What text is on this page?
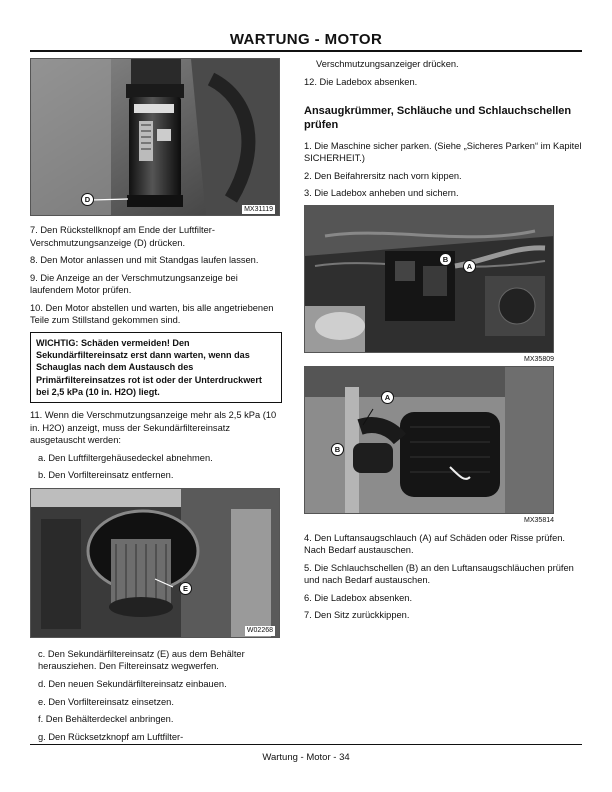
WARTUNG - MOTOR
D
MX31119

7. Den Rückstellknopf am Ende der Luftfilter-Verschmutzungsanzeige (D) drücken.

8. Den Motor anlassen und mit Standgas laufen lassen.

9. Die Anzeige an der Verschmutzungsanzeige bei laufendem Motor prüfen.

10. Den Motor abstellen und warten, bis alle angetriebenen Teile zum Stillstand gekommen sind.

WICHTIG: Schäden vermeiden! Den Sekundärfiltereinsatz erst dann warten, wenn das Schauglas nach dem Austausch des Primärfiltereinsatzes rot ist oder der Unterdruckwert bei 2,5 kPa (10 in. H2O) liegt.

11. Wenn die Verschmutzungsanzeige mehr als 2,5 kPa (10 in. H2O) anzeigt, muss der Sekundärfiltereinsatz ausgetauscht werden:

a. Den Luftfiltergehäusedeckel abnehmen.

b. Den Vorfiltereinsatz entfernen.

E
W02268

c. Den Sekundärfiltereinsatz (E) aus dem Behälter herausziehen. Den Filtereinsatz wegwerfen.

d. Den neuen Sekundärfiltereinsatz einbauen.

e. Den Vorfiltereinsatz einsetzen.

f. Den Behälterdeckel anbringen.

g. Den Rücksetzknopf am Luftfilter-

Verschmutzungsanzeiger drücken.

12. Die Ladebox absenken.

Ansaugkrümmer, Schläuche und Schlauchschellen prüfen

1. Die Maschine sicher parken. (Siehe „Sicheres Parken“ im Kapitel SICHERHEIT.)

2. Den Beifahrersitz nach vorn kippen.

3. Die Ladebox anheben und sichern.

B
A
MX35809
A
B
MX35814

4. Den Luftansaugschlauch (A) auf Schäden oder Risse prüfen. Nach Bedarf austauschen.

5. Die Schlauchschellen (B) an den Luftansaugschläuchen prüfen und nach Bedarf austauschen.

6. Die Ladebox absenken.

7. Den Sitz zurückkippen.

Wartung - Motor - 34
